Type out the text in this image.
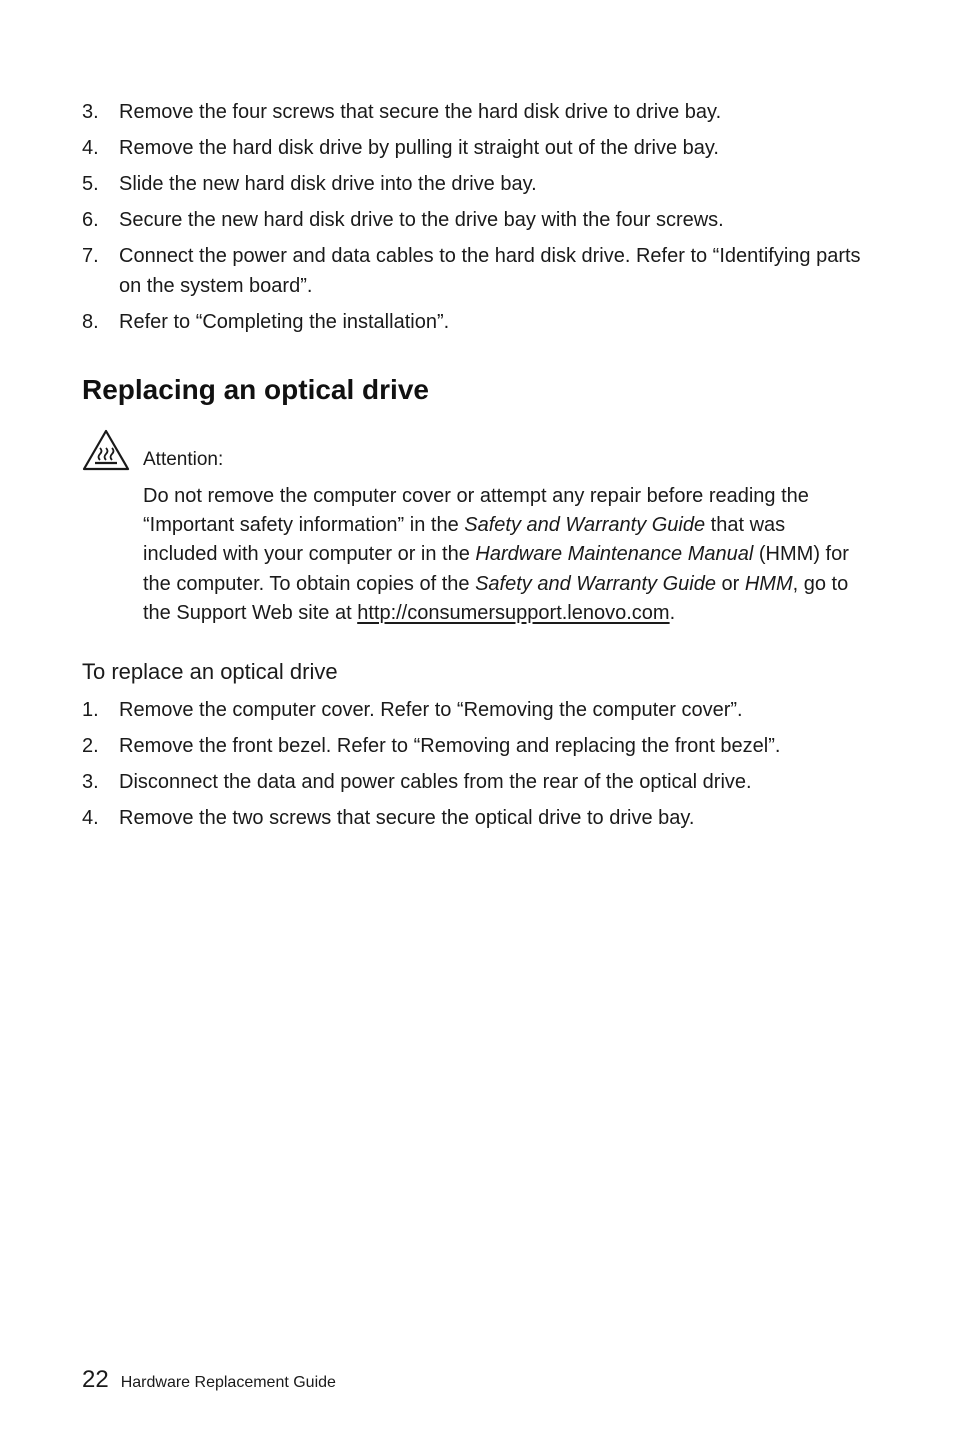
3. Remove the four screws that secure the hard disk drive to drive bay.
4. Remove the hard disk drive by pulling it straight out of the drive bay.
5. Slide the new hard disk drive into the drive bay.
6. Secure the new hard disk drive to the drive bay with the four screws.
7. Connect the power and data cables to the hard disk drive. Refer to “Identifying parts on the system board”.
8. Refer to “Completing the installation”.
Replacing an optical drive
Attention:

Do not remove the computer cover or attempt any repair before reading the “Important safety information” in the Safety and Warranty Guide that was included with your computer or in the Hardware Maintenance Manual (HMM) for the computer. To obtain copies of the Safety and Warranty Guide or HMM, go to the Support Web site at http://consumersupport.lenovo.com.

To replace an optical drive
1. Remove the computer cover. Refer to “Removing the computer cover”.
2. Remove the front bezel. Refer to “Removing and replacing the front bezel”.
3. Disconnect the data and power cables from the rear of the optical drive.
4. Remove the two screws that secure the optical drive to drive bay.
22 Hardware Replacement Guide
